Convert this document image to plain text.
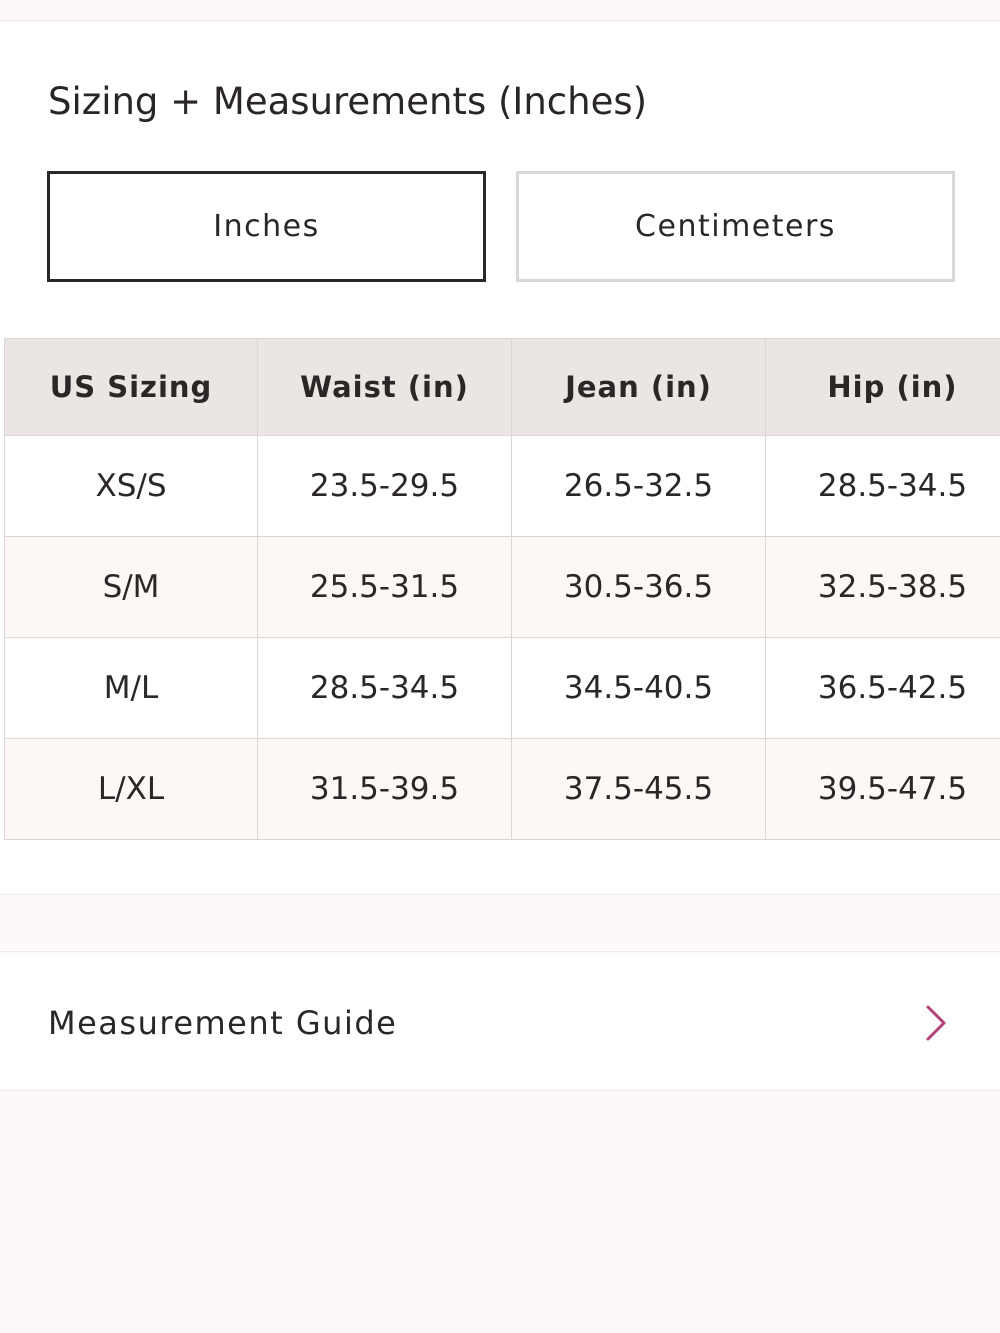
Sizing + Measurements (Inches)
Inches	Centimeters
US Sizing	Waist (in)	Jean (in)	Hip (in)
XS/S	23.5-29.5	26.5-32.5	28.5-34.5
S/M	25.5-31.5	30.5-36.5	32.5-38.5
M/L	28.5-34.5	34.5-40.5	36.5-42.5
L/XL	31.5-39.5	37.5-45.5	39.5-47.5
Measurement Guide
